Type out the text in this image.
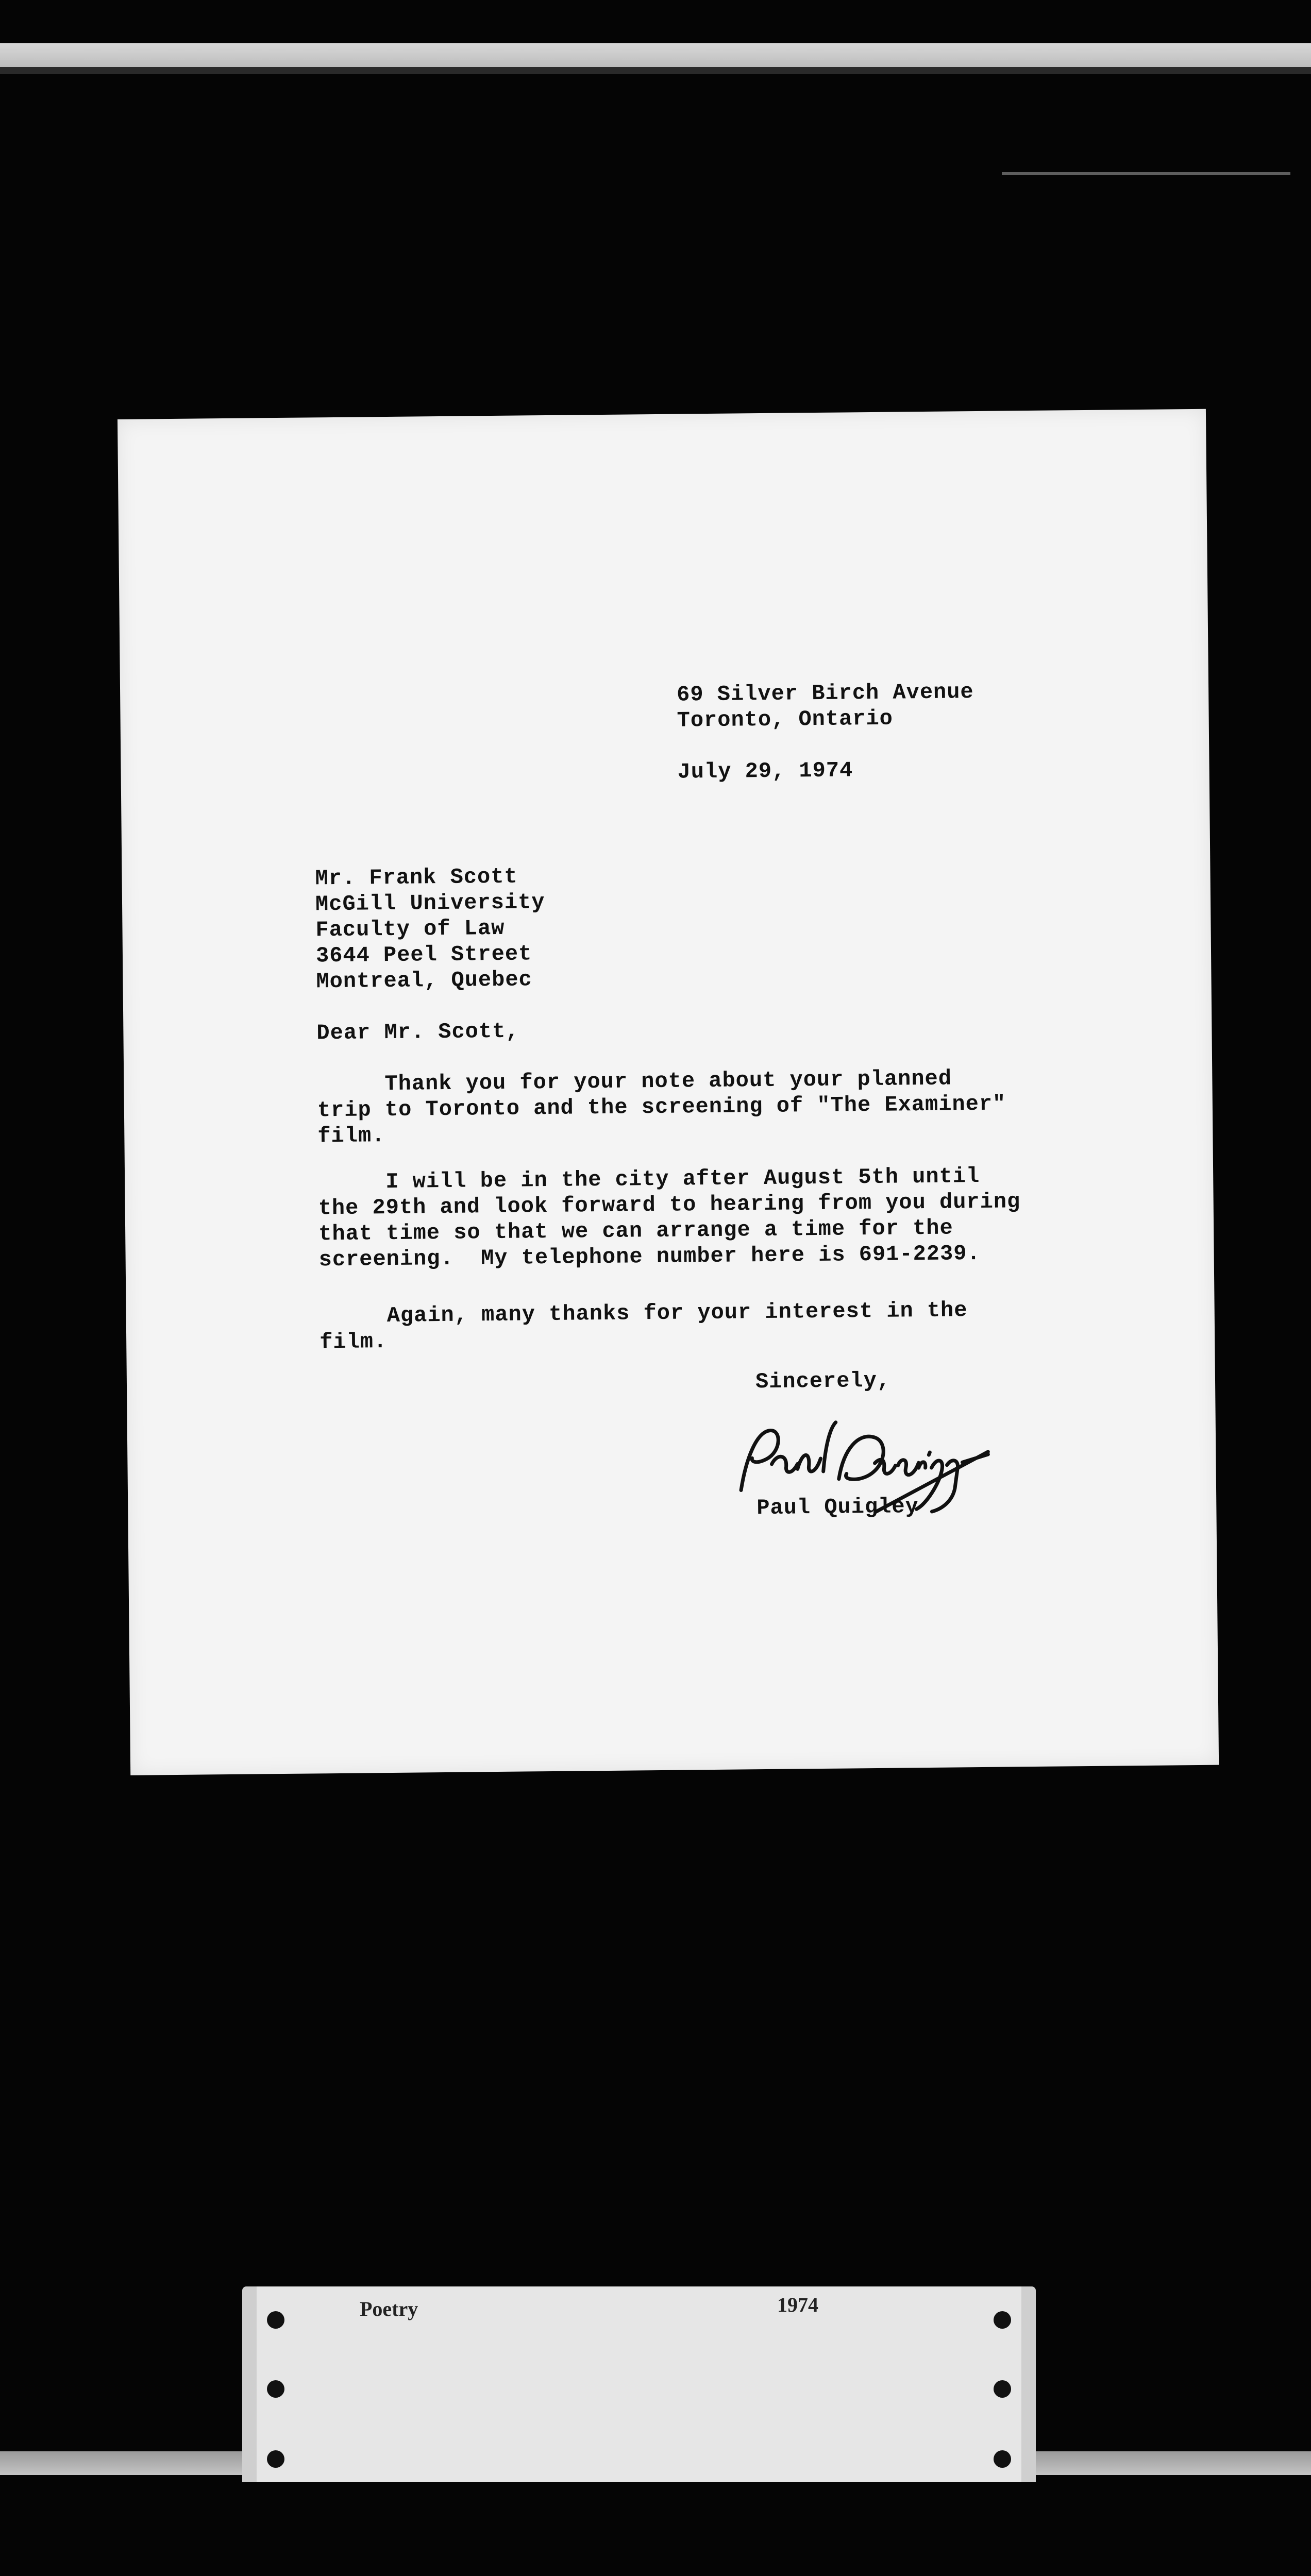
69 Silver Birch Avenue
Toronto, Ontario
July 29, 1974
Mr. Frank Scott
McGill University
Faculty of Law
3644 Peel Street
Montreal, Quebec
Dear Mr. Scott,
Thank you for your note about your planned
trip to Toronto and the screening of "The Examiner"
film.
I will be in the city after August 5th until
the 29th and look forward to hearing from you during
that time so that we can arrange a time for the
screening.  My telephone number here is 691-2239.
Again, many thanks for your interest in the
film.
Sincerely,
Paul Quigley
Poetry	1974
